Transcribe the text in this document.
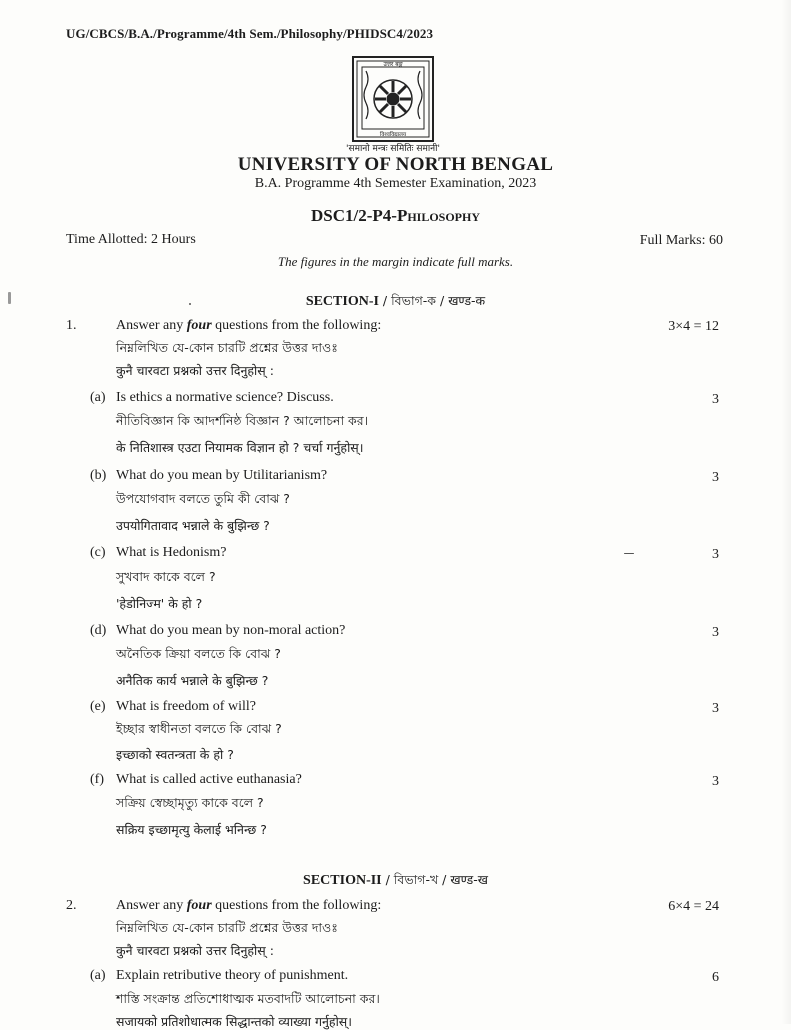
UG/CBCS/B.A./Programme/4th Sem./Philosophy/PHIDSC4/2023
उत्तर बङ्ग
विश्वविद्यालय
'समानो मन्त्रः समितिः समानी'
UNIVERSITY OF NORTH BENGAL
B.A. Programme 4th Semester Examination, 2023
DSC1/2-P4-Philosophy
Time Allotted: 2 Hours	Full Marks: 60
The figures in the margin indicate full marks.
SECTION-I / বিভাগ-ক / खण्ड-क
1.	Answer any four questions from the following:	3×4 = 12
নিম্নলিখিত যে-কোন চারটি প্রশ্নের উত্তর দাওঃ
कुनै चारवटा प्रश्नको उत्तर दिनुहोस् :
(a) Is ethics a normative science? Discuss.	3
নীতিবিজ্ঞান কি আদর্শনিষ্ঠ বিজ্ঞান ? আলোচনা কর।
के नितिशास्त्र एउटा नियामक विज्ञान हो ? चर्चा गर्नुहोस्।
(b) What do you mean by Utilitarianism?	3
উপযোগবাদ বলতে তুমি কী বোঝ ?
उपयोगितावाद भन्नाले के बुझिन्छ ?
(c) What is Hedonism?	3
সুখবাদ কাকে বলে ?
'हेडोनिज्म' के हो ?
(d) What do you mean by non-moral action?	3
অনৈতিক ক্রিয়া বলতে কি বোঝ ?
अनैतिक कार्य भन्नाले के बुझिन्छ ?
(e) What is freedom of will?	3
ইচ্ছার স্বাধীনতা বলতে কি বোঝ ?
इच्छाको स्वतन्त्रता के हो ?
(f) What is called active euthanasia?	3
সক্রিয় স্বেচ্ছামৃত্যু কাকে বলে ?
सक्रिय इच्छामृत्यु केलाई भनिन्छ ?
SECTION-II / বিভাগ-খ / खण्ड-ख
2.	Answer any four questions from the following:	6×4 = 24
নিম্নলিখিত যে-কোন চারটি প্রশ্নের উত্তর দাওঃ
कुनै चारवटा प्रश्नको उत्तर दिनुहोस् :
(a) Explain retributive theory of punishment.	6
শাস্তি সংক্রান্ত প্রতিশোধাত্মক মতবাদটি আলোচনা কর।
सजायको प्रतिशोधात्मक सिद्धान्तको व्याख्या गर्नुहोस्।
